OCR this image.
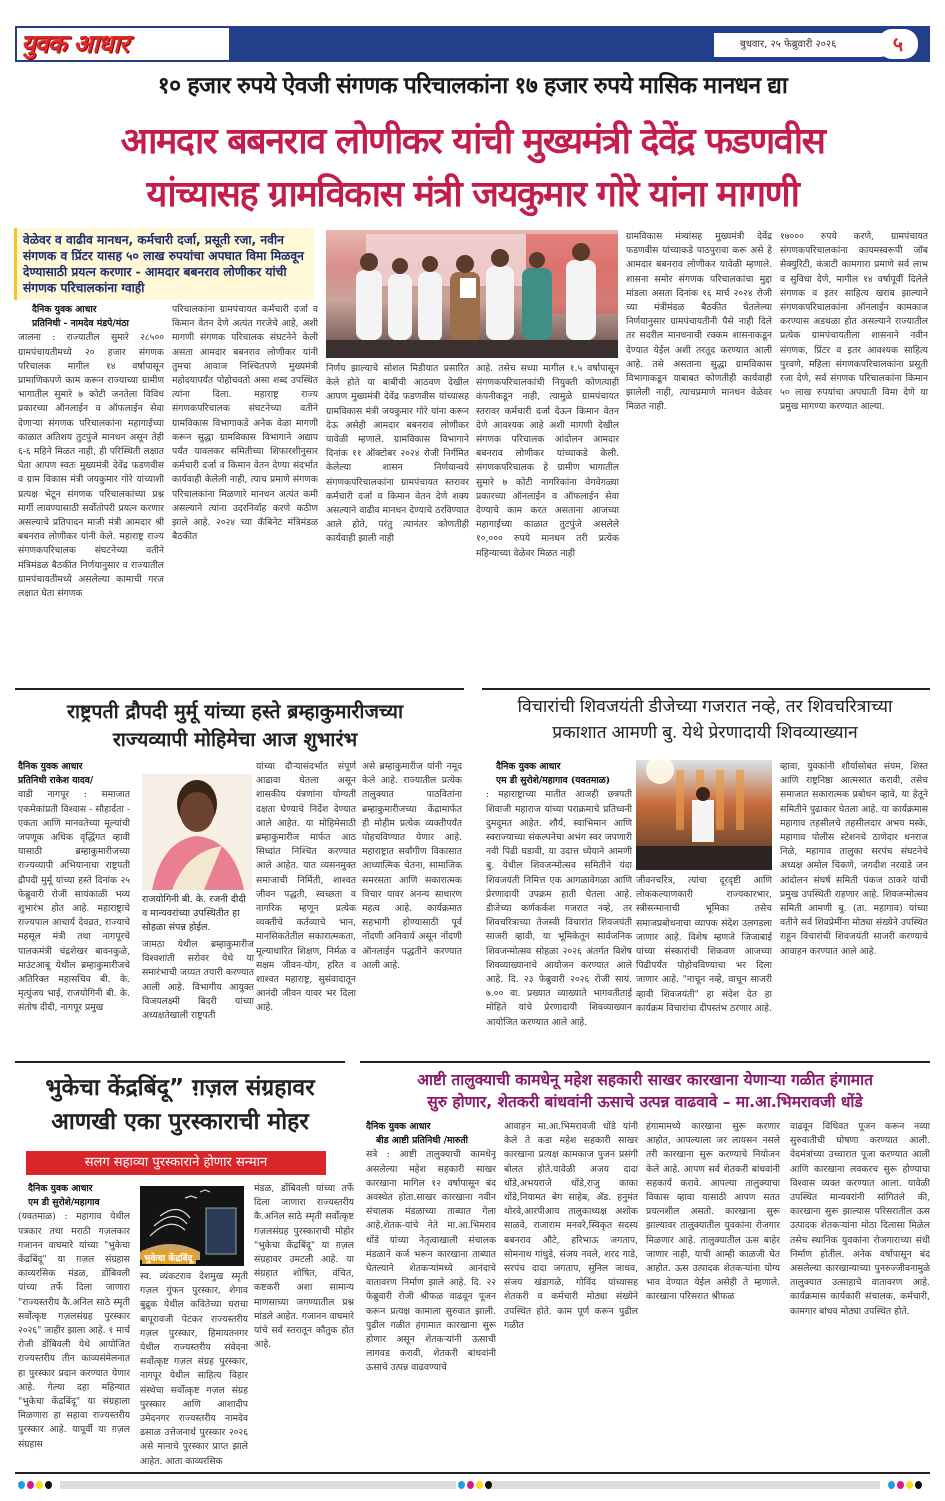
युवक आधार	बुधवार, २५ फेब्रुवारी २०२६	५
१० हजार रुपये ऐवजी संगणक परिचालकांना १७ हजार रुपये मासिक मानधन द्या
आमदार बबनराव लोणीकर यांची मुख्यमंत्री देवेंद्र फडणवीस
यांच्यासह ग्रामविकास मंत्री जयकुमार गोरे यांना मागणी
वेळेवर व वाढीव मानधन, कर्मचारी दर्जा, प्रसूती रजा, नवीन संगणक व प्रिंटर यासह ५० लाख रुपयांचा अपघात विमा मिळवून देण्यासाठी प्रयत्न करणार - आमदार बबनराव लोणीकर यांची संगणक परिचालकांना ग्वाही
दैनिक युवक आधार
प्रतिनिधी - नामदेव मंडपे/मंठा
जालना : राज्यातील सुमारे २८५०० ग्रामपंचायतीमध्ये २० हजार संगणक परिचालक मागील १४ वर्षापासून प्रामाणिकपणे काम करून राज्याच्या ग्रामीण भागातील सुमारे ७ कोटी जनतेला विविध प्रकारच्या ऑनलाईन व ऑफलाईन सेवा देणाऱ्या संगणक परिचालकांना महागाईच्या काळात अतिशय तुटपुंजे मानधन असून तेही ६-६ महिने मिळत नाही, ही परिस्थिती लक्षात घेता आपण स्वतः मुख्यमंत्री देवेंद्र फडणवीस व ग्राम विकास मंत्री जयकुमार गोरे यांच्याशी प्रत्यक्ष भेटून संगणक परिचालकांच्या प्रश्न मार्गी लावण्यासाठी सर्वोतोपरी प्रयत्न करणार असल्याचे प्रतिपादन माजी मंत्री आमदार श्री बबनराव लोणीकर यांनी केले. महाराष्ट्र राज्य संगणकपरिचालक संघटनेच्या वतीने मंत्रिमंडळ बैठकीत निर्णयानुसार व राज्यातील ग्रामपंचायतीमध्ये असलेल्या कामाची गरज लक्षात घेता संगणक
परिचालकांना ग्रामपंचायत कर्मचारी दर्जा व किमान वेतन देणे अत्यंत गरजेचे आहे, अशी मागणी संगणक परिचालक संघटनेने केली असता आमदार बबनराव लोणीकर यांनी तुमचा आवाज निश्चितपणे मुख्यमंत्री महोदयापर्यंत पोहोचवतो असा शब्द उपस्थित त्यांना दिला. महाराष्ट्र राज्य संगणकपरिचालक संघटनेच्या वतीने ग्रामविकास विभागाकडे अनेक वेळा मागणी करून सुद्धा ग्रामविकास विभागाने अद्याप पर्यंत यावलकर समितीच्या शिफारशीनुसार कर्मचारी दर्जा व किमान वेतन देण्या संदर्भात कार्यवाही केलेली नाही, त्याच प्रमाणे संगणक परिचालकांना मिळणारे मानधन अत्यंत कमी असल्याने त्यांना उदरनिर्वाह करणे कठीण झाले आहे. २०२४ च्या कॅबिनेट मंत्रिमंडळ बैठकीत
निर्णय झाल्याचे सोशल मिडीयात प्रसारित केले होते या बाबीची आठवण देखील आपण मुख्यमंत्री देवेंद्र फडणवीस यांच्यासह ग्रामविकास मंत्री जयकुमार गोरे यांना करून देऊ असेही आमदार बबनराव लोणीकर यावेळी म्हणाले. ग्रामविकास विभागाने दिनांक ११ ऑक्टोबर २०२४ रोजी निर्गमित केलेल्या शासन निर्णयान्वये संगणकपरिचालकांना ग्रामपंचायत स्तरावर कर्मचारी दर्जा व किमान वेतन देणे शक्य असल्याने वाढीव मानधन देण्याचे ठरविण्यात आले होते, परंतु त्यानंतर कोणतीही कार्यवाही झाली नाही
आहे. तसेच सध्या मागील १.५ वर्षापासून संगणकपरिचालकांची नियुक्ती कोणत्याही कंपनीकडून नाही, त्यामुळे ग्रामपंचायत स्तरावर कर्मचारी दर्जा देऊन किमान वेतन देणे आवश्यक आहे अशी मागणी देखील संगणक परिचालक आंदोलन आमदार बबनराव लोणीकर यांच्याकडे केली. संगणकपरिचालक हे ग्रामीण भागातील सुमारे ७ कोटी नागरिकांना वेगवेगळ्या प्रकारच्या ऑनलाईन व ऑफलाईन सेवा देण्याचे काम करत असताना आजच्या महागाईच्या काळात तुटपुंजे असलेले १०,००० रुपये मानधन तरी प्रत्येक महिन्याच्या वेळेवर मिळत नाही
ग्रामविकास मंत्र्यांसह मुख्यमंत्री देवेंद्र फडणवीस यांच्याकडे पाठपुरावा करू असे हे आमदार बबनराव लोणीकर यावेळी म्हणाले. शासना समोर संगणक परिचालकांचा मुद्दा मांडला असता दिनांक १६ मार्च २०२४ रोजी च्या मंत्रीमंडळ बैठकीत घेतलेल्या निर्णयानुसार ग्रामपंचायतीनी पैसे नाही दिले तर सदरील मानधनाची रक्कम शासनाकडून देण्यात येईल अशी तरतूद करण्यात आली आहे. तसे असताना सुद्धा ग्रामविकास विभागाकडून याबाबत कोणतीही कार्यवाही झालेली नाही, त्याचप्रमाणे मानधन वेळेवर मिळत नाही.
१७००० रुपये करणे, ग्रामपंचायत संगणकपरिचालकांना कायमस्वरूपी जॉब सेक्युरिटी, कंत्राटी कामगारा प्रमाणे सर्व लाभ व सुविधा देणे, मागील १४ वर्षापूर्वी दिलेले संगणक व इतर साहित्य खराब झाल्याने संगणकपरिचालकांना ऑनलाईन कामकाज करण्यास अडथळा होत असल्याने राज्यातील प्रत्येक ग्रामपंचायतीला शासनाने नवीन संगणक, प्रिंटर व इतर आवश्यक साहित्य पुरवणे, महिला संगणकपरिचालकांना प्रसूती रजा देणे, सर्व संगणक परिचालकांना किमान ५० लाख रुपयांचा अपघाती विमा देणे या प्रमुख मागण्या करण्यात आल्या.
राष्ट्रपती द्रौपदी मुर्मू यांच्या हस्ते ब्रम्हाकुमारीजच्या
राज्यव्यापी मोहिमेचा आज शुभारंभ
दैनिक युवक आधार
प्रतिनिधी राकेश यादव/
वाडी नागपूर : समाजात एकमेकांप्रती विश्वास - सौहार्दता - एकता आणि मानवतेच्या मूल्यांची जपणूक अधिक वृद्धिंगत व्हावी यासाठी ब्रम्हाकुमारीजच्या राज्यव्यापी अभियानाचा राष्ट्रपती द्रौपदी मुर्मू यांच्या हस्ते दिनांक २५ फेब्रुवारी रोजी सायंकाळी भव्य शुभारंभ होत आहे. महाराष्ट्राचे राज्यपाल आचार्य देवव्रत, राज्याचे महसूल मंत्री तथा नागपूरचे पालकमंत्री चंद्रशेखर बावनकुळे, माउंटआबू येथील ब्रम्हाकुमारीजचे अतिरिक्त महासचिव बी. के. मृत्युंजय भाई, राजयोगिनी बी. के. संतोष दीदी, नागपूर प्रमुख
राजयोगिनी बी. के. रजनी दीदी व मान्यवरांच्या उपस्थितीत हा सोहळा संपन्न होईल.
जामठा येथील ब्रम्हाकुमारीज विश्वशांती सरोवर येथे या समारंभाची जय्यत तयारी करण्यात आली आहे. विभागीय आयुक्त विजयलक्ष्मी बिदरी यांच्या अध्यक्षतेखाली राष्ट्रपती
यांच्या दौऱ्यासंदर्भात संपूर्ण आढावा घेतला असून शासकीय यंत्रणांना योग्यती दक्षता घेण्याचे निर्देश देण्यात आले आहेत. या मोहिमेसाठी ब्रम्हाकुमारीज मार्फत आठ सिध्दांत निश्चित करण्यात आले आहेत. यात व्यसनमुक्त समाजाची निर्मिती, शाश्वत जीवन पद्धती, स्वच्छता व नागरिक म्हणून प्रत्येक व्यक्तीचे कर्तव्याचे भान, मानसिकतेतील सकारात्मकता, मूल्याधारित शिक्षण, निर्मळ व सक्षम जीवन-योग, हरित व शाश्वत महाराष्ट्र, सुसंवादातून आनंदी जीवन यावर भर दिला आहे.
असे ब्रम्हाकुमारीज यांनी नमूद केले आहे. राज्यातील प्रत्येक तालुक्यात पाठवितांना ब्रम्हाकुमारीजच्या केंद्रामार्फत ही मोहीम प्रत्येक व्यक्तीपर्यंत पोहचविण्यात येणार आहे. महाराष्ट्रात सर्वांगीण विकासात आध्यात्मिक चेतना, सामाजिक समरसता आणि सकारात्मक विचार यावर अनन्य साधारण महत्व आहे. कार्यक्रमात सहभागी होण्यासाठी पूर्व नोंदणी अनिवार्य असून नोंदणी ऑनलाईन पद्धतीने करण्यात आली आहे.
विचारांची शिवजयंती डीजेच्या गजरात नव्हे, तर शिवचरित्राच्या
प्रकाशात आमणी बु. येथे प्रेरणादायी शिवव्याख्यान
दैनिक युवक आधार
एम डी सुरोशे/महागाव (यवतमाळ)
: महाराष्ट्राच्या मातीत आजही छत्रपती शिवाजी महाराज यांच्या पराक्रमाचे प्रतिध्वनी दुमदुमत आहेत. शौर्य, स्वाभिमान आणि स्वराज्याच्या संकल्पनेचा अभंग स्वर जपणारी नवी पिढी घडावी, या उदात्त ध्येयाने आमणी बु. येथील शिवजन्मोत्सव समितीने यंदा शिवजयंती निमित्त एक आगळावेगळा आणि प्रेरणादायी उपक्रम हाती घेतला आहे. डीजेच्या कर्णकर्कश गजरात नव्हे, तर शिवचरित्राच्या तेजस्वी विचारांत शिवजयंती साजरी व्हावी, या भूमिकेतून सार्वजनिक शिवजन्मोत्सव सोहळा २०२६ अंतर्गत विशेष शिवव्याख्यानाचे आयोजन करण्यात आले आहे. दि. २३ फेब्रुवारी २०२६ रोजी सायं. ७.०० वा. प्रख्यात व्याख्याते भागवतीताई मोहिते यांचे प्रेरणादायी शिवव्याख्यान आयोजित करण्यात आले आहे.
जीवनचरित्र, त्यांचा दूरदृष्टी आणि लोककल्याणकारी राज्यकारभार, स्त्रीसन्मानाची भूमिका तसेच समाजप्रबोधनाचा व्यापक संदेश उलगडला जाणार आहे. विशेष म्हणजे जिजाबाई यांच्या संस्कारांची शिकवण आजच्या पिढीपर्यंत पोहोचविण्याचा भर दिला जाणार आहे. "नाचून नव्हे, वाचून साजरी व्हावी शिवजयंती" हा संदेश देत हा कार्यक्रम विचारांचा दीपस्तंभ ठरणार आहे.
व्हावा, युवकांनी शौर्यासोबत संयम, शिस्त आणि राष्ट्रनिष्ठा आत्मसात करावी, तसेच समाजात सकारात्मक प्रबोधन व्हावे, या हेतूने समितीने पुढाकार घेतला आहे. या कार्यक्रमास महागाव तहसीलचे तहसीलदार अभय मस्के, महागाव पोलीस स्टेशनचे ठाणेदार धनराज निळे, महागाव तालुका सरपंच संघटनेचे अध्यक्ष अमोल चिकणे, जगदीश नरवाडे जन आंदोलन संघर्ष समिती पंकज ठाकरे यांची प्रमुख उपस्थिती राहणार आहे. शिवजन्मोत्सव समिती आमणी बु. (ता. महागाव) यांच्या वतीने सर्व शिवप्रेमींना मोठ्या संख्येने उपस्थित राहून विचारांची शिवजयंती साजरी करण्याचे आवाहन करण्यात आले आहे.
भुकेचा केंद्रबिंदू” ग़ज़ल संग्रहावर
आणखी एका पुरस्काराची मोहर
सलग सहाव्या पुरस्काराने होणार सन्मान
दैनिक युवक आधार
एम डी सुरोशे/महागाव
(यवतमाळ) : महागाव येथील पत्रकार तथा मराठी गज़लकार गजानन वाघमारे यांच्या "भुकेचा केंद्रबिंदू" या ग़ज़ल संग्रहास काव्यरसिक मंडळ, डोंबिवली यांच्या तर्फे दिला जाणारा "राज्यस्तरीय कै.अनिल साठे स्मृती सर्वोत्कृष्ट गज़लसंग्रह पुरस्कार २०२६" जाहीर झाला आहे. १ मार्च रोजी डोंबिवली येथे आयोजित राज्यस्तरीय तीन काव्यसंमेलनात हा पुरस्कार प्रदान करण्यात येणार आहे. गेल्या दहा महिन्यात "भुकेचा केंद्रबिंदू" या संग्रहाला मिळणारा हा सहावा राज्यस्तरीय पुरस्कार आहे. यापूर्वी या ग़ज़ल संग्रहास
भुकेचा केंद्रबिंदू
स्व. व्यंकटराव देशमुख स्मृती गज़ल गुंफन पुरस्कार, शेगाव बुद्रुक येथील कवितेच्या घराचा बापूरावजी पेटकर राज्यस्तरीय गज़ल पुरस्कार, हिमायतनगर येथील राज्यस्तरीय संवेदना सर्वोत्कृष्ट गज़ल संग्रह पुरस्कार, नागपूर येथील साहित्य विहार संस्थेचा सर्वोत्कृष्ट गज़ल संग्रह पुरस्कार आणि आशादीप उमेदनगर राज्यस्तरीय नामदेव ढसाळ उत्तेजनार्थ पुरस्कार २०२६ असे मानाचे पुरस्कार प्राप्त झाले आहेत. आता काव्यरसिक
मंडळ, डोंबिवली यांच्या तर्फे दिला जाणारा राज्यस्तरीय कै.अनिल साठे स्मृती सर्वोत्कृष्ट गज़लसंग्रह पुरस्काराची मोहोर "भुकेचा केंद्रबिंदू" या ग़ज़ल संग्रहावर उमटली आहे. या संग्रहात शोषित, वंचित, कष्टकरी अशा सामान्य माणसाच्या जगण्यातील प्रश्न मांडले आहेत. गजानन वाघमारे यांचे सर्व स्तरातून कौतुक होत आहे.
आष्टी तालुक्याची कामधेनू महेश सहकारी साखर कारखाना येणाऱ्या गळीत हंगामात
सुरु होणार, शेतकरी बांधवांनी ऊसाचे उत्पन्न वाढवावे – मा.आ.भिमरावजी धोंडे
दैनिक युवक आधार
बीड आष्टी प्रतिनिधी /मारुती
सत्रे : आष्टी तालुक्याची कामधेनू असलेल्या महेश सहकारी साखर कारखाना मागिल १२ वर्षापासून बंद अवस्थेत होता.साखर कारखाना नवीन संचालक मंडळाच्या ताब्यात गेला आहे.शेतक-यांचे नेते मा.आ.भिमराव धोंडे यांच्या नेतृत्वाखाली संचालक मंडळाने कर्ज भरून कारखाना ताब्यात घेतल्याने शेतकऱ्यांमध्ये आनंदाचे वातावरण निर्माण झाले आहे. दि. २२ फेब्रुवारी रोजी श्रीफळ वाढवून पूजन करून प्रत्यक्ष कामाला सुरुवात झाली. पुढील गळीत हंगामात कारखाना सुरू होणार असून शेतकऱ्यांनी ऊसाची लागवड करावी, शेतकरी बांधवांनी ऊसाचे उत्पन्न वाढवण्याचे
आवाहन मा.आ.भिमरावजी धोंडे यांनी केले ते कडा महेश सहकारी साखर कारखाना प्रत्यक्ष कामकाज पुजन प्रसंगी बोलत होते.यावेळी अजय दादा धोंडे,अभयराजे धोंडे,राजु काका धोंडे,नियामत बेग साहेब, ॲड. हनुमंत थोरवे,आरपीआय तालुकाध्यक्ष अशोक साळवे, राजाराम मनवरे,स्विकृत सदस्य बबनराव औटे, हरिभाऊ जगताप, सोमनाथ गांधुडे, संजय नवले, शरद गाडे, सरपंच दादा जगताप, सुनिल जाधव, संजय खंडागळे, गोविंद यांच्यासह शेतकरी व कर्मचारी मोठ्या संख्येने उपस्थित होते. काम पूर्ण करून पुढील गळीत
हंगामामध्ये कारखाना सुरू करणार आहोत, आपल्याला जर लायसन नसले तरी कारखाना सुरू करण्याचे नियोजन केले आहे. आपण सर्व शेतकरी बांधवांनी सहकार्य करावे. आपल्या तालुक्याचा विकास व्हावा यासाठी आपण सतत प्रयत्नशील असतो. कारखाना सुरू झाल्यावर तालुक्यातील युवकांना रोजगार मिळणार आहे. तालुक्यातील ऊस बाहेर जाणार नाही, याची आम्ही काळजी घेत आहोत. ऊस उत्पादक शेतकऱ्यांना योग्य भाव देण्यात येईल असेही ते म्हणाले. कारखाना परिसरात श्रीफळ
वाढवून विधिवत पूजन करून नव्या सुरुवातीची घोषणा करण्यात आली. वेदमंत्रांच्या उच्चारात पूजा करण्यात आली आणि कारखाना लवकरच सुरू होण्याचा विश्वास व्यक्त करण्यात आला. यावेळी उपस्थित मान्यवरांनी सांगितले की, कारखाना सुरू झाल्यास परिसरातील ऊस उत्पादक शेतकऱ्यांना मोठा दिलासा मिळेल तसेच स्थानिक युवकांना रोजगाराच्या संधी निर्माण होतील. अनेक वर्षापासून बंद असलेल्या कारखान्याच्या पुनरुज्जीवनामुळे तालुक्यात उत्साहाचे वातावरण आहे. कार्यक्रमास कार्यकारी संचालक, कर्मचारी, कामगार बांधव मोठ्या उपस्थित होते.
